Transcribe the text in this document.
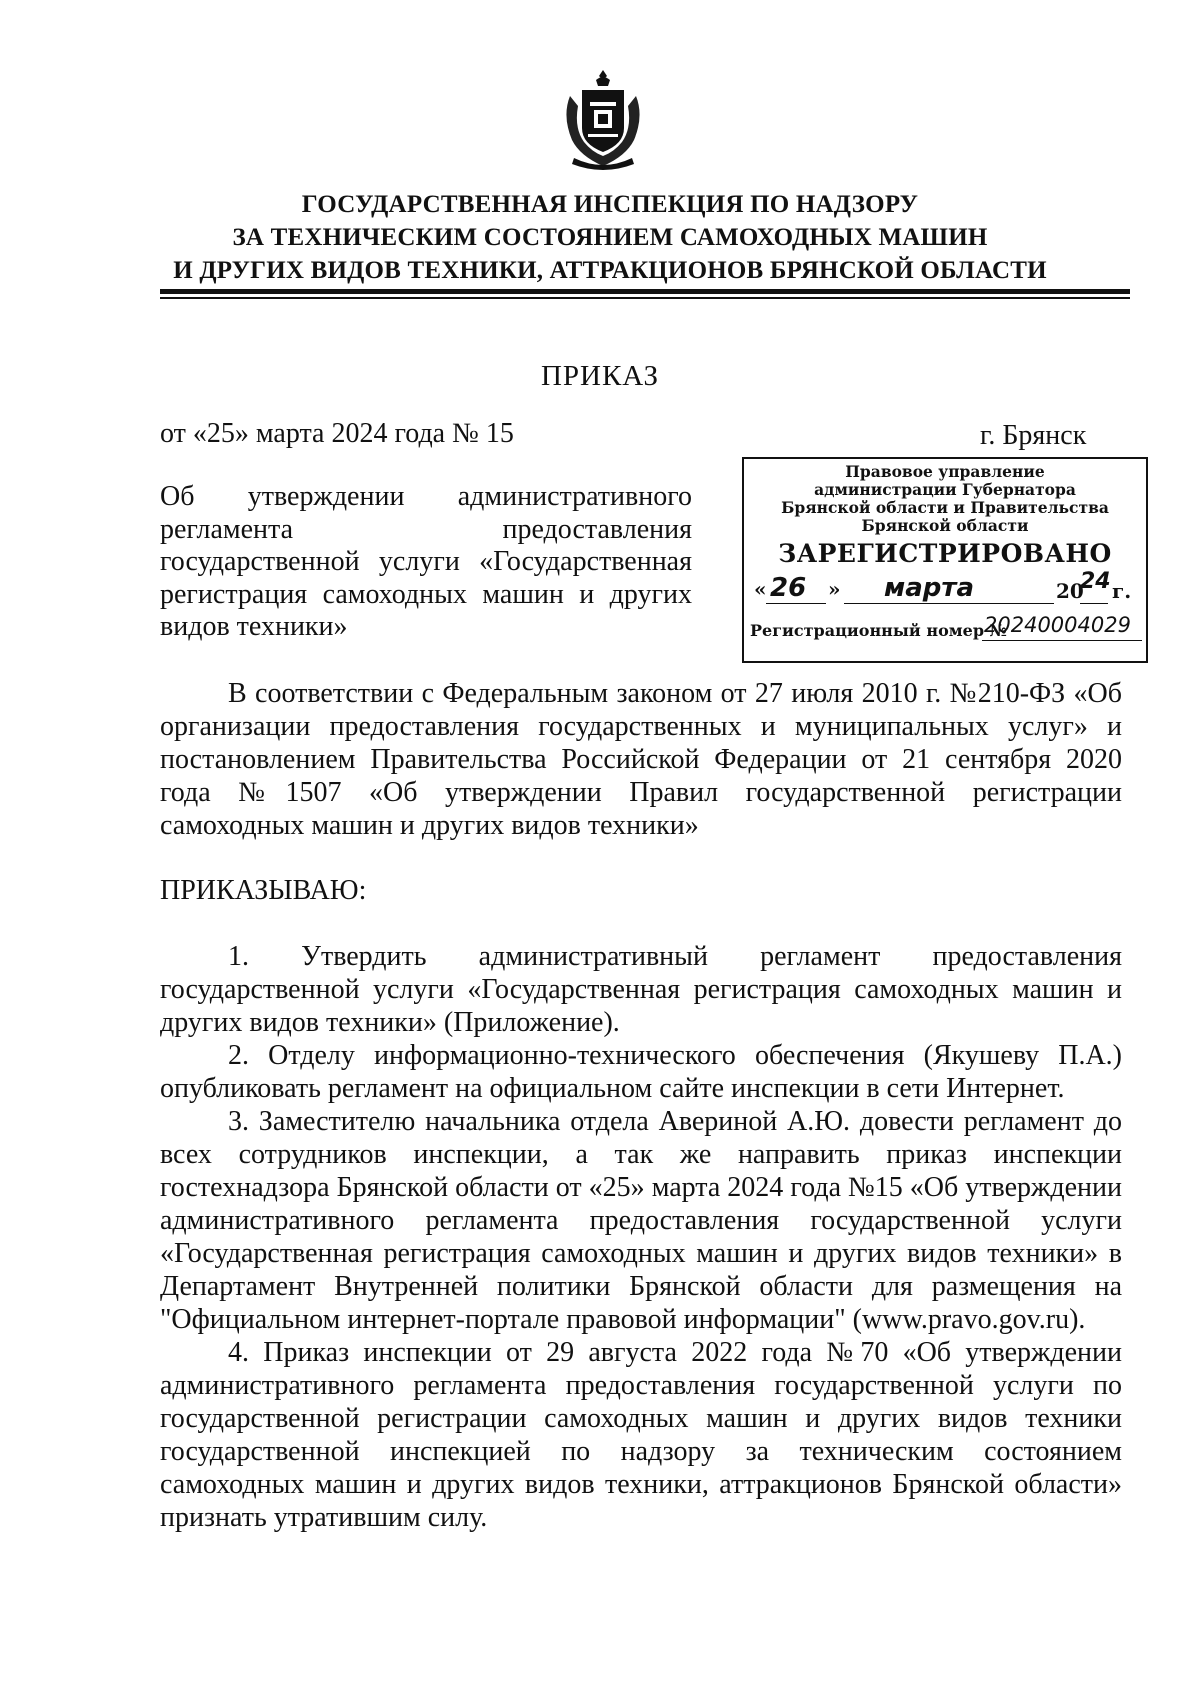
ГОСУДАРСТВЕННАЯ ИНСПЕКЦИЯ ПО НАДЗОРУ
ЗА ТЕХНИЧЕСКИМ СОСТОЯНИЕМ САМОХОДНЫХ МАШИН
И ДРУГИХ ВИДОВ ТЕХНИКИ, АТТРАКЦИОНОВ БРЯНСКОЙ ОБЛАСТИ
ПРИКАЗ
от «25» марта 2024 года № 15	г. Брянск
Об утверждении административного регламента предоставления государственной услуги «Государственная регистрация самоходных машин и других видов техники»
Правовое управление
администрации Губернатора
Брянской области и Правительства
Брянской области
ЗАРЕГИСТРИРОВАНО
« 26 » марта	20
24 г.
Регистрационный номер №
20240004029

В соответствии с Федеральным законом от 27 июля 2010 г. №210-ФЗ «Об организации предоставления государственных и муниципальных услуг» и постановлением Правительства Российской Федерации от 21 сентября 2020 года №1507 «Об утверждении Правил государственной регистрации самоходных машин и других видов техники»

ПРИКАЗЫВАЮ:

1. Утвердить административный регламент предоставления государственной услуги «Государственная регистрация самоходных машин и других видов техники» (Приложение).

2. Отделу информационно-технического обеспечения (Якушеву П.А.) опубликовать регламент на официальном сайте инспекции в сети Интернет.

3. Заместителю начальника отдела Авериной А.Ю. довести регламент до всех сотрудников инспекции, а так же направить приказ инспекции гостехнадзора Брянской области от «25» марта 2024 года №15 «Об утверждении административного регламента предоставления государственной услуги «Государственная регистрация самоходных машин и других видов техники» в Департамент Внутренней политики Брянской области для размещения на "Официальном интернет-портале правовой информации" (www.pravo.gov.ru).

4. Приказ инспекции от 29 августа 2022 года №70 «Об утверждении административного регламента предоставления государственной услуги по государственной регистрации самоходных машин и других видов техники государственной инспекцией по надзору за техническим состоянием самоходных машин и других видов техники, аттракционов Брянской области» признать утратившим силу.
